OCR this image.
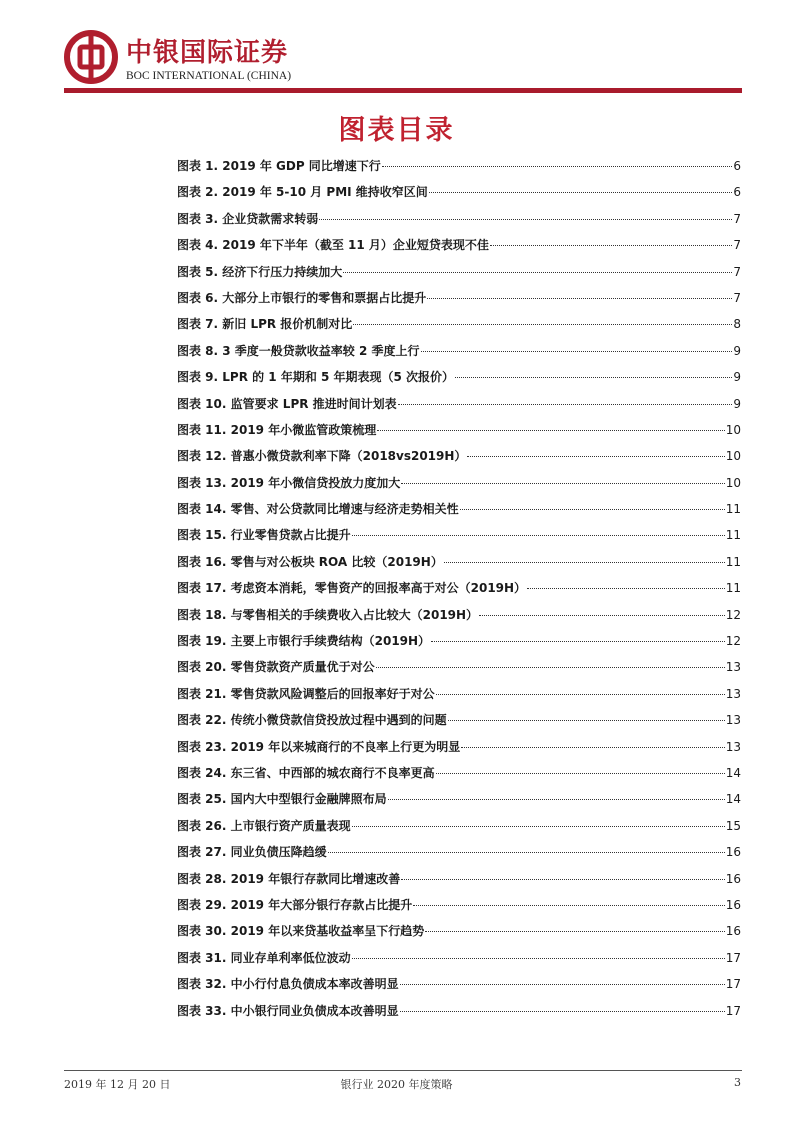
中银国际证券
BOC INTERNATIONAL (CHINA)
图表目录
图表 1. 2019 年 GDP 同比增速下行	6
图表 2. 2019 年 5-10 月 PMI 维持收窄区间	6
图表 3. 企业贷款需求转弱	7
图表 4. 2019 年下半年（截至 11 月）企业短贷表现不佳	7
图表 5. 经济下行压力持续加大	7
图表 6. 大部分上市银行的零售和票据占比提升	7
图表 7. 新旧 LPR 报价机制对比	8
图表 8. 3 季度一般贷款收益率较 2 季度上行	9
图表 9. LPR 的 1 年期和 5 年期表现（5 次报价）	9
图表 10. 监管要求 LPR 推进时间计划表	9
图表 11. 2019 年小微监管政策梳理	10
图表 12. 普惠小微贷款利率下降（2018vs2019H）	10
图表 13. 2019 年小微信贷投放力度加大	10
图表 14. 零售、对公贷款同比增速与经济走势相关性	11
图表 15. 行业零售贷款占比提升	11
图表 16. 零售与对公板块 ROA 比较（2019H）	11
图表 17. 考虑资本消耗，零售资产的回报率高于对公（2019H）	11
图表 18. 与零售相关的手续费收入占比较大（2019H）	12
图表 19. 主要上市银行手续费结构（2019H）	12
图表 20. 零售贷款资产质量优于对公	13
图表 21. 零售贷款风险调整后的回报率好于对公	13
图表 22. 传统小微贷款信贷投放过程中遇到的问题	13
图表 23. 2019 年以来城商行的不良率上行更为明显	13
图表 24. 东三省、中西部的城农商行不良率更高	14
图表 25. 国内大中型银行金融牌照布局	14
图表 26. 上市银行资产质量表现	15
图表 27. 同业负债压降趋缓	16
图表 28. 2019 年银行存款同比增速改善	16
图表 29. 2019 年大部分银行存款占比提升	16
图表 30. 2019 年以来贷基收益率呈下行趋势	16
图表 31. 同业存单利率低位波动	17
图表 32. 中小行付息负债成本率改善明显	17
图表 33. 中小银行同业负债成本改善明显	17
2019 年 12 月 20 日	银行业 2020 年度策略	3
